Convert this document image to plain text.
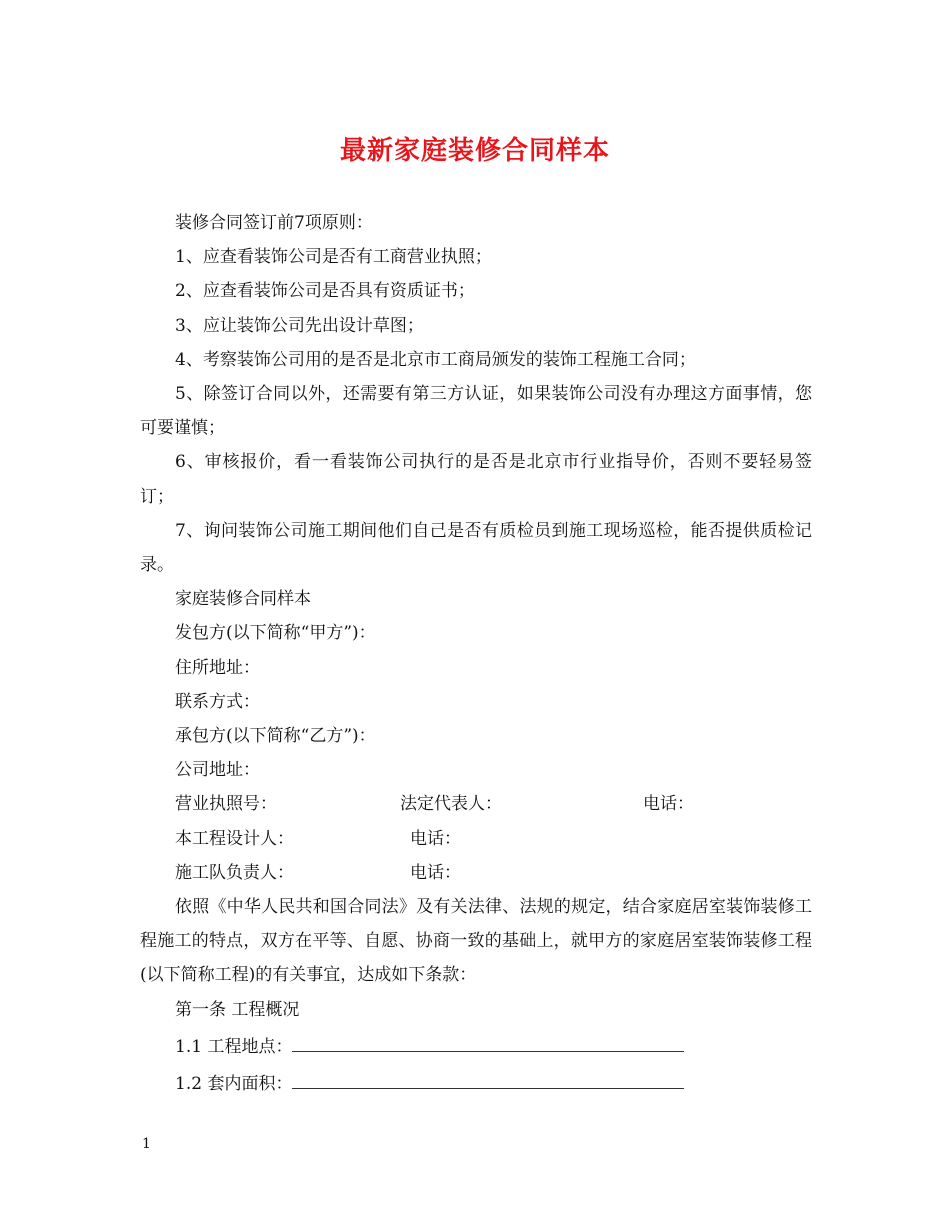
最新家庭装修合同样本
装修合同签订前7项原则：
1、应查看装饰公司是否有工商营业执照；
2、应查看装饰公司是否具有资质证书；
3、应让装饰公司先出设计草图；
4、考察装饰公司用的是否是北京市工商局颁发的装饰工程施工合同；
5、除签订合同以外，还需要有第三方认证，如果装饰公司没有办理这方面事情，您可要谨慎；
6、审核报价，看一看装饰公司执行的是否是北京市行业指导价，否则不要轻易签订；
7、询问装饰公司施工期间他们自己是否有质检员到施工现场巡检，能否提供质检记录。
家庭装修合同样本
发包方(以下简称“甲方”)：
住所地址：
联系方式：
承包方(以下简称“乙方”)：
公司地址：
营业执照号：	法定代表人：	电话：
本工程设计人：	电话：
施工队负责人：	电话：
依照《中华人民共和国合同法》及有关法律、法规的规定，结合家庭居室装饰装修工程施工的特点，双方在平等、自愿、协商一致的基础上，就甲方的家庭居室装饰装修工程(以下简称工程)的有关事宜，达成如下条款：
第一条 工程概况
1.1 工程地点：
1.2 套内面积：
1
